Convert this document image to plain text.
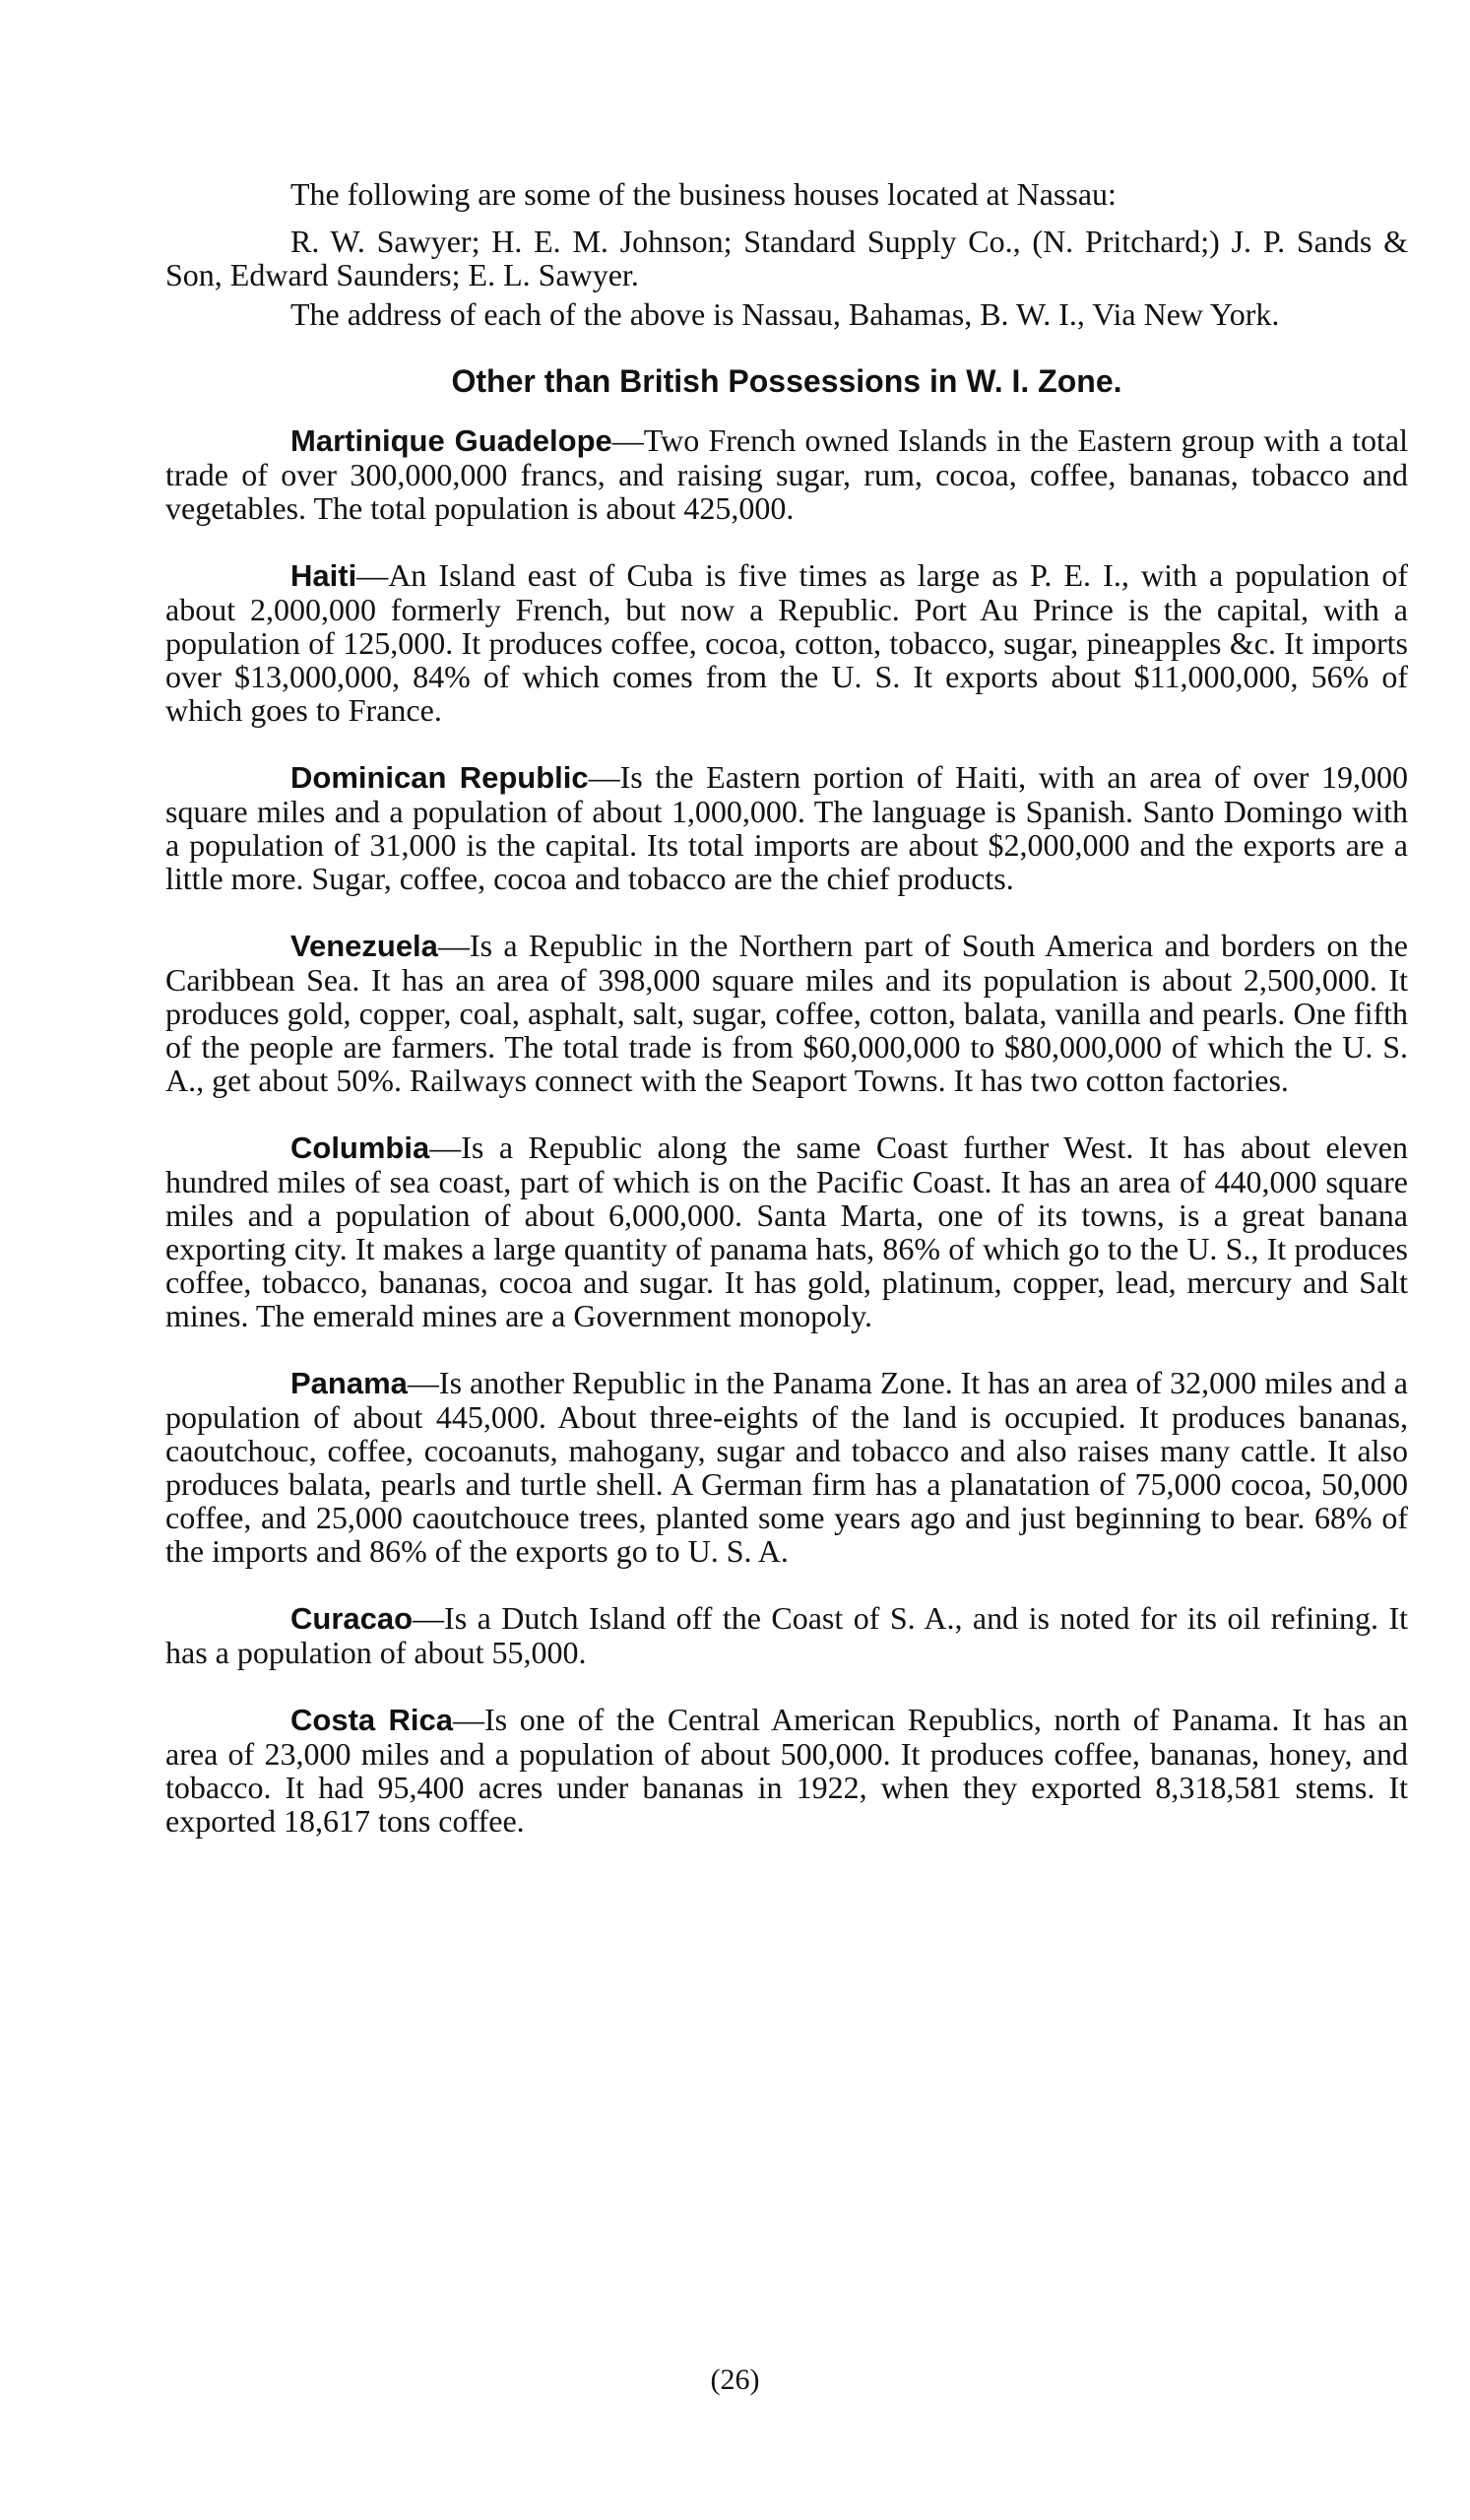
The following are some of the business houses located at Nassau:

R. W. Sawyer; H. E. M. Johnson; Standard Supply Co., (N. Pritchard;) J. P. Sands & Son, Edward Saunders; E. L. Sawyer.

The address of each of the above is Nassau, Bahamas, B. W. I., Via New York.

Other than British Possessions in W. I. Zone.

Martinique Guadelope—Two French owned Islands in the Eastern group with a total trade of over 300,000,000 francs, and raising sugar, rum, cocoa, coffee, bananas, tobacco and vegetables. The total population is about 425,000.

Haiti—An Island east of Cuba is five times as large as P. E. I., with a population of about 2,000,000 formerly French, but now a Republic. Port Au Prince is the capital, with a population of 125,000. It produces coffee, cocoa, cotton, tobacco, sugar, pineapples &c. It imports over $13,000,000, 84% of which comes from the U. S. It exports about $11,000,000, 56% of which goes to France.

Dominican Republic—Is the Eastern portion of Haiti, with an area of over 19,000 square miles and a population of about 1,000,000. The language is Spanish. Santo Domingo with a population of 31,000 is the capital. Its total imports are about $2,000,000 and the exports are a little more. Sugar, coffee, cocoa and tobacco are the chief products.

Venezuela—Is a Republic in the Northern part of South America and borders on the Caribbean Sea. It has an area of 398,000 square miles and its population is about 2,500,000. It produces gold, copper, coal, asphalt, salt, sugar, coffee, cotton, balata, vanilla and pearls. One fifth of the people are farmers. The total trade is from $60,000,000 to $80,000,000 of which the U. S. A., get about 50%. Railways connect with the Seaport Towns. It has two cotton factories.

Columbia—Is a Republic along the same Coast further West. It has about eleven hundred miles of sea coast, part of which is on the Pacific Coast. It has an area of 440,000 square miles and a population of about 6,000,000. Santa Marta, one of its towns, is a great banana exporting city. It makes a large quantity of panama hats, 86% of which go to the U. S., It produces coffee, tobacco, bananas, cocoa and sugar. It has gold, platinum, copper, lead, mercury and Salt mines. The emerald mines are a Government monopoly.

Panama—Is another Republic in the Panama Zone. It has an area of 32,000 miles and a population of about 445,000. About three-eights of the land is occupied. It produces bananas, caoutchouc, coffee, cocoanuts, mahogany, sugar and tobacco and also raises many cattle. It also produces balata, pearls and turtle shell. A German firm has a planatation of 75,000 cocoa, 50,000 coffee, and 25,000 caoutchouce trees, planted some years ago and just beginning to bear. 68% of the imports and 86% of the exports go to U. S. A.

Curacao—Is a Dutch Island off the Coast of S. A., and is noted for its oil refining. It has a population of about 55,000.

Costa Rica—Is one of the Central American Republics, north of Panama. It has an area of 23,000 miles and a population of about 500,000. It produces coffee, bananas, honey, and tobacco. It had 95,400 acres under bananas in 1922, when they exported 8,318,581 stems. It exported 18,617 tons coffee.

(26)
